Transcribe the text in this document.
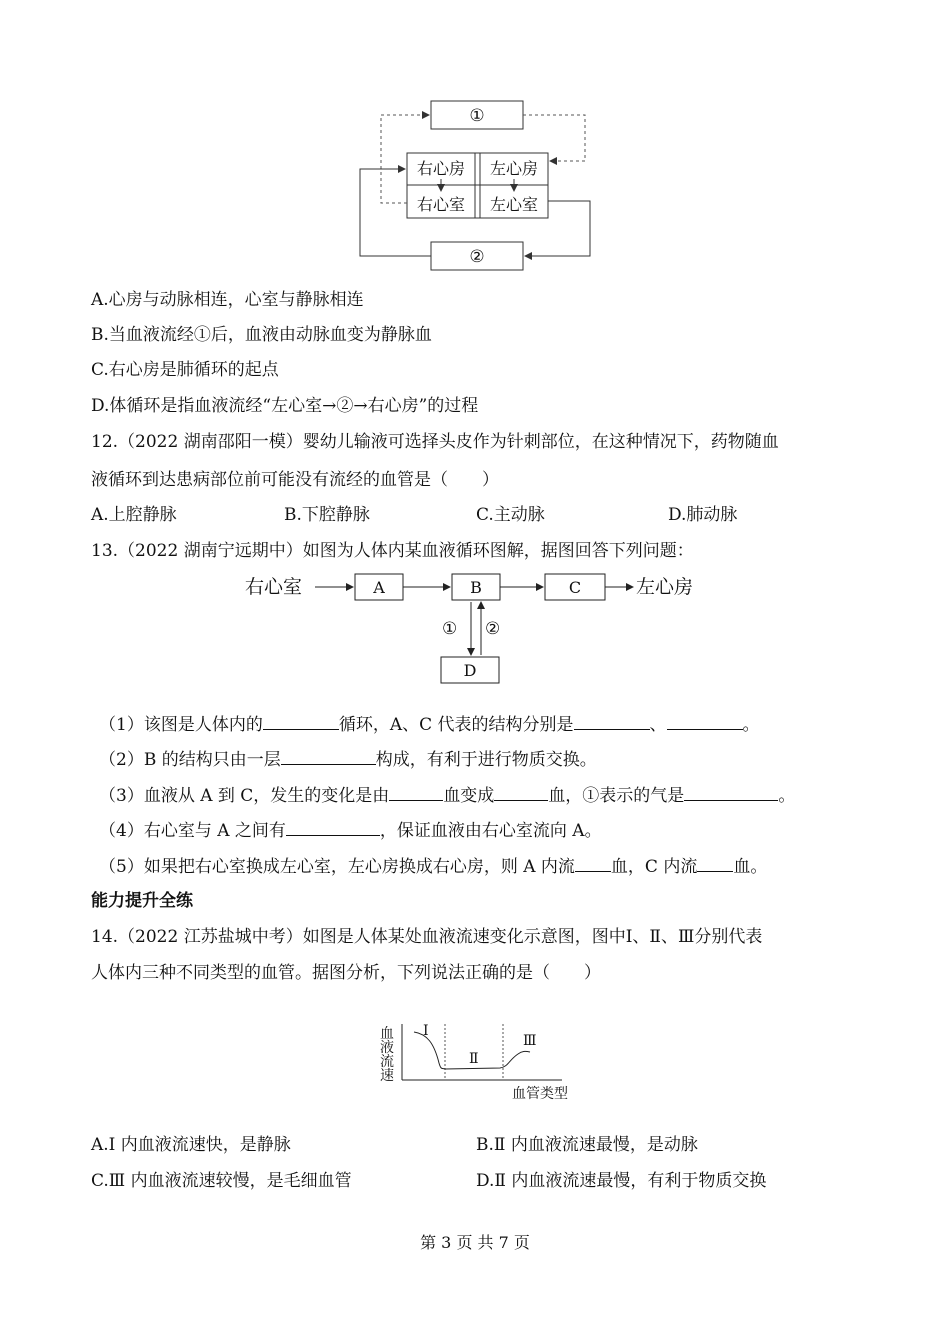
①
②
右心房
右心室
左心房
左心室
A.心房与动脉相连，心室与静脉相连
B.当血液流经①后，血液由动脉血变为静脉血
C.右心房是肺循环的起点
D.体循环是指血液流经“左心室→②→右心房”的过程
12.（2022 湖南邵阳一模）婴幼儿输液可选择头皮作为针刺部位，在这种情况下，药物随血
液循环到达患病部位前可能没有流经的血管是（　　）
A.上腔静脉	B.下腔静脉	C.主动脉	D.肺动脉
13.（2022 湖南宁远期中）如图为人体内某血液循环图解，据图回答下列问题：
右心室	A	B	C	左心房
① ②
D
（1）该图是人体内的	循环，A、C 代表的结构分别是	、	。
（2）B 的结构只由一层	构成，有利于进行物质交换。
（3）血液从 A 到 C，发生的变化是由	血变成	血，①表示的气是	。
（4）右心室与 A 之间有	，保证血液由右心室流向 A。
（5）如果把右心室换成左心室，左心房换成右心房，则 A 内流 血，C 内流 血。
能力提升全练
14.（2022 江苏盐城中考）如图是人体某处血液流速变化示意图，图中Ⅰ、Ⅱ、Ⅲ分别代表
人体内三种不同类型的血管。据图分析，下列说法正确的是（　　）
血
液
流
速
Ⅰ
Ⅱ
Ⅲ
血管类型
A.Ⅰ 内血液流速快，是静脉	B.Ⅱ 内血液流速最慢，是动脉
C.Ⅲ 内血液流速较慢，是毛细血管	D.Ⅱ 内血液流速最慢，有利于物质交换
第 3 页 共 7 页
